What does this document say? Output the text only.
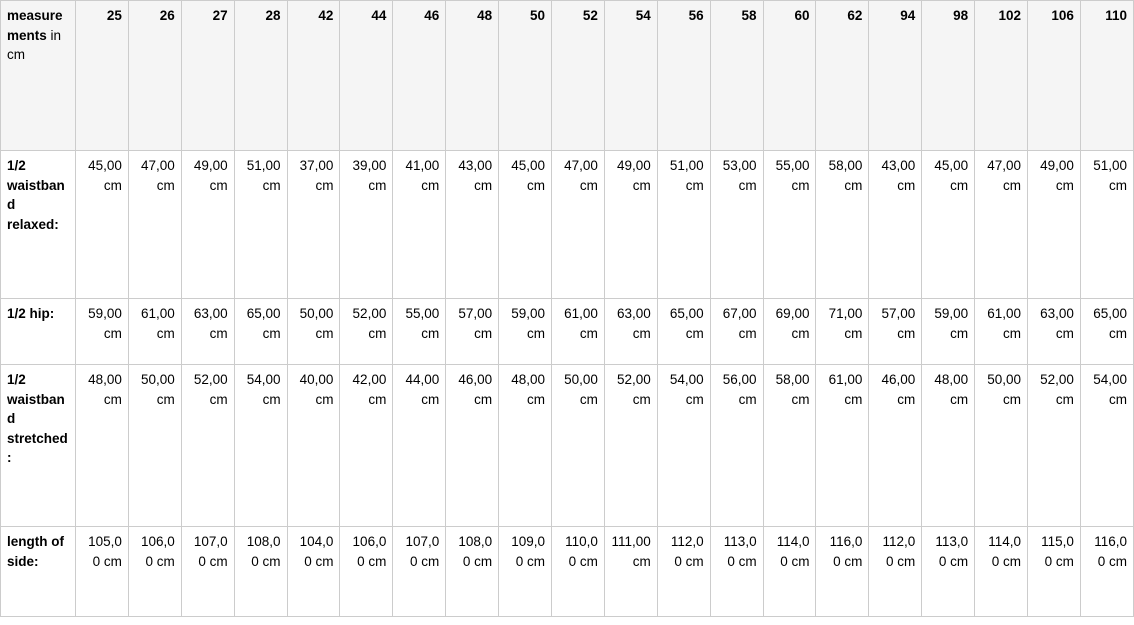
measurements in cm	25	26	27	28	42	44	46	48	50	52	54	56	58	60	62	94	98	102	106	110
1/2 waistband relaxed:	45,00 cm	47,00 cm	49,00 cm	51,00 cm	37,00 cm	39,00 cm	41,00 cm	43,00 cm	45,00 cm	47,00 cm	49,00 cm	51,00 cm	53,00 cm	55,00 cm	58,00 cm	43,00 cm	45,00 cm	47,00 cm	49,00 cm	51,00 cm
1/2 hip:	59,00 cm	61,00 cm	63,00 cm	65,00 cm	50,00 cm	52,00 cm	55,00 cm	57,00 cm	59,00 cm	61,00 cm	63,00 cm	65,00 cm	67,00 cm	69,00 cm	71,00 cm	57,00 cm	59,00 cm	61,00 cm	63,00 cm	65,00 cm
1/2 waistband stretched:	48,00 cm	50,00 cm	52,00 cm	54,00 cm	40,00 cm	42,00 cm	44,00 cm	46,00 cm	48,00 cm	50,00 cm	52,00 cm	54,00 cm	56,00 cm	58,00 cm	61,00 cm	46,00 cm	48,00 cm	50,00 cm	52,00 cm	54,00 cm
length of side:	105,00 cm	106,00 cm	107,00 cm	108,00 cm	104,00 cm	106,00 cm	107,00 cm	108,00 cm	109,00 cm	110,00 cm	111,00 cm	112,00 cm	113,00 cm	114,00 cm	116,00 cm	112,00 cm	113,00 cm	114,00 cm	115,00 cm	116,00 cm
